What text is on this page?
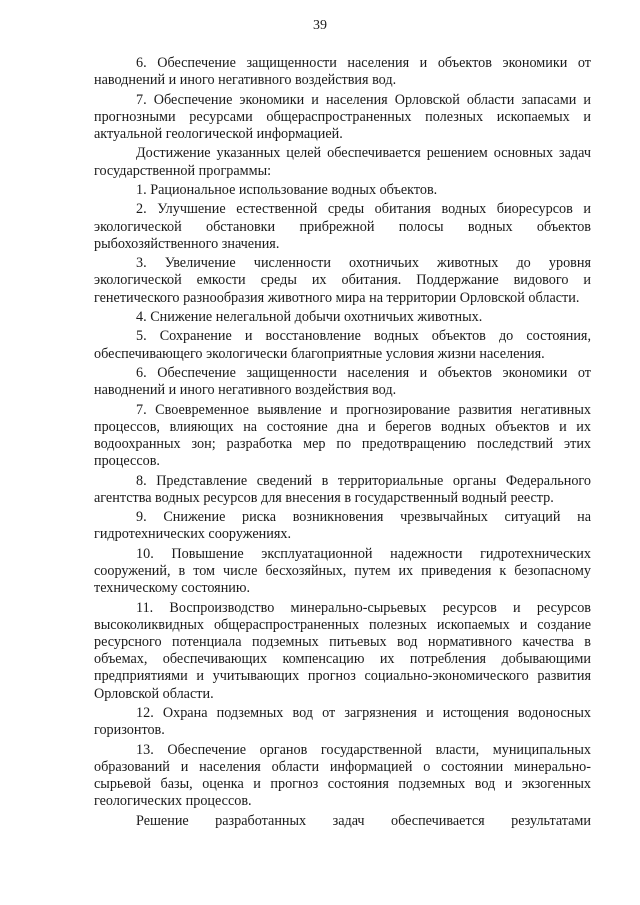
39

6. Обеспечение защищенности населения и объектов экономики от наводнений и иного негативного воздействия вод.

7. Обеспечение экономики и населения Орловской области запасами и прогнозными ресурсами общераспространенных полезных ископаемых и актуальной геологической информацией.

Достижение указанных целей обеспечивается решением основных задач государственной программы:

1. Рациональное использование водных объектов.

2. Улучшение естественной среды обитания водных биоресурсов и экологической обстановки прибрежной полосы водных объектов рыбохозяйственного значения.

3. Увеличение численности охотничьих животных до уровня экологической емкости среды их обитания. Поддержание видового и генетического разнообразия животного мира на территории Орловской области.

4. Снижение нелегальной добычи охотничьих животных.

5. Сохранение и восстановление водных объектов до состояния, обеспечивающего экологически благоприятные условия жизни населения.

6. Обеспечение защищенности населения и объектов экономики от наводнений и иного негативного воздействия вод.

7. Своевременное выявление и прогнозирование развития негативных процессов, влияющих на состояние дна и берегов водных объектов и их водоохранных зон; разработка мер по предотвращению последствий этих процессов.

8. Представление сведений в территориальные органы Федерального агентства водных ресурсов для внесения в государственный водный реестр.

9. Снижение риска возникновения чрезвычайных ситуаций на гидротехнических сооружениях.

10. Повышение эксплуатационной надежности гидротехнических сооружений, в том числе бесхозяйных, путем их приведения к безопасному техническому состоянию.

11. Воспроизводство минерально-сырьевых ресурсов и ресурсов высоколиквидных общераспространенных полезных ископаемых и создание ресурсного потенциала подземных питьевых вод нормативного качества в объемах, обеспечивающих компенсацию их потребления добывающими предприятиями и учитывающих прогноз социально-экономического развития Орловской области.

12. Охрана подземных вод от загрязнения и истощения водоносных горизонтов.

13. Обеспечение органов государственной власти, муниципальных образований и населения области информацией о состоянии минерально-сырьевой базы, оценка и прогноз состояния подземных вод и экзогенных геологических процессов.

Решение разработанных задач обеспечивается результатами
